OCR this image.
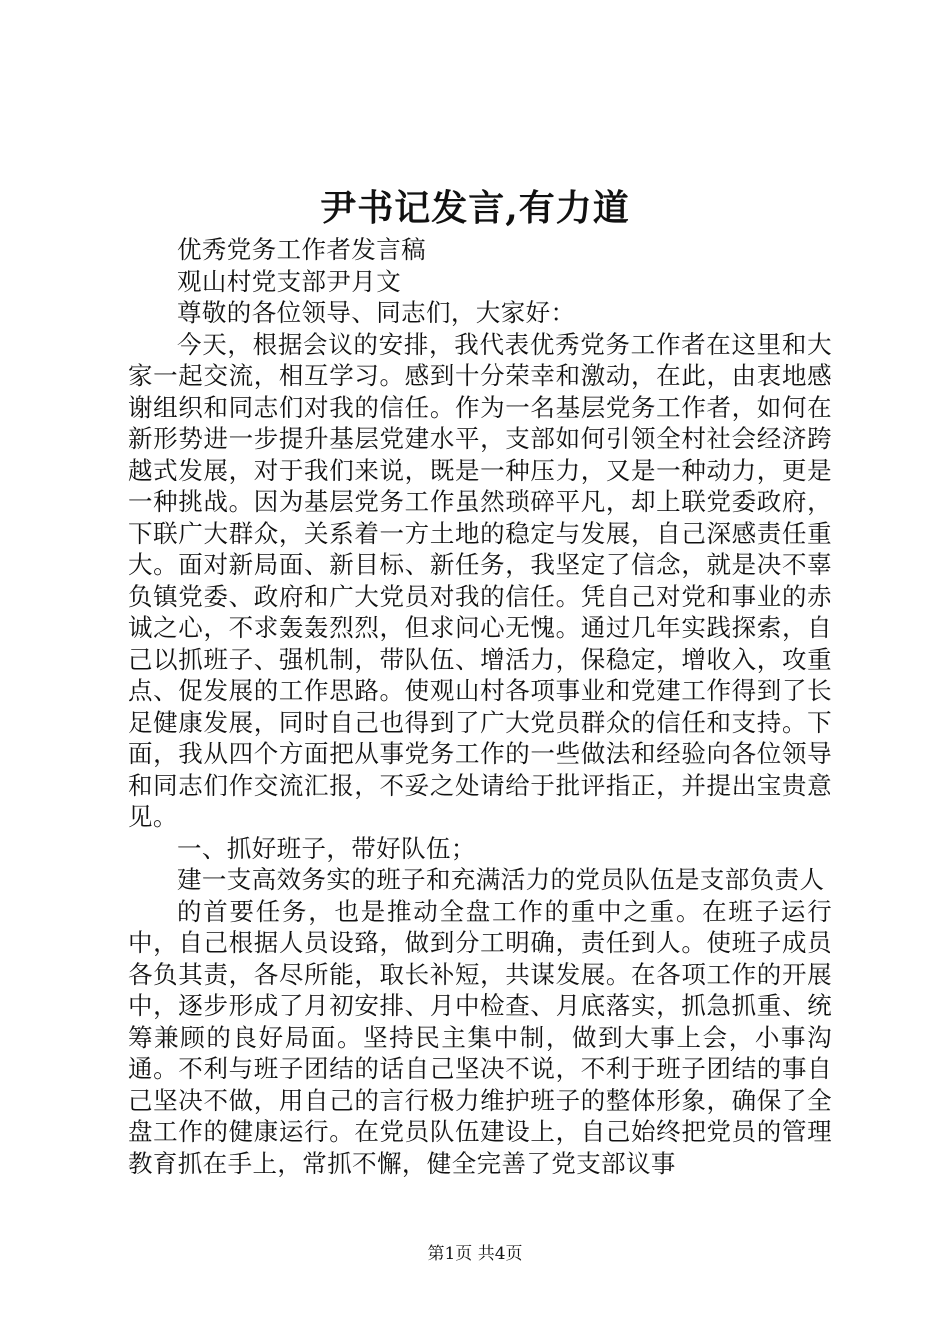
尹书记发言,有力道

优秀党务工作者发言稿

观山村党支部尹月文

尊敬的各位领导、同志们，大家好：

今天，根据会议的安排，我代表优秀党务工作者在这里和大家一起交流，相互学习。感到十分荣幸和激动，在此，由衷地感谢组织和同志们对我的信任。作为一名基层党务工作者，如何在新形势进一步提升基层党建水平，支部如何引领全村社会经济跨越式发展，对于我们来说，既是一种压力，又是一种动力，更是一种挑战。因为基层党务工作虽然琐碎平凡，却上联党委政府，下联广大群众，关系着一方土地的稳定与发展，自己深感责任重大。面对新局面、新目标、新任务，我坚定了信念，就是决不辜负镇党委、政府和广大党员对我的信任。凭自己对党和事业的赤诚之心，不求轰轰烈烈，但求问心无愧。通过几年实践探索，自己以抓班子、强机制，带队伍、增活力，保稳定，增收入，攻重点、促发展的工作思路。使观山村各项事业和党建工作得到了长足健康发展，同时自己也得到了广大党员群众的信任和支持。下面，我从四个方面把从事党务工作的一些做法和经验向各位领导和同志们作交流汇报，不妥之处请给于批评指正，并提出宝贵意见。

一、抓好班子，带好队伍；

建一支高效务实的班子和充满活力的党员队伍是支部负责人

的首要任务，也是推动全盘工作的重中之重。在班子运行中，自己根据人员设臵，做到分工明确，责任到人。使班子成员各负其责，各尽所能，取长补短，共谋发展。在各项工作的开展中，逐步形成了月初安排、月中检查、月底落实，抓急抓重、统筹兼顾的良好局面。坚持民主集中制，做到大事上会，小事沟通。不利与班子团结的话自己坚决不说，不利于班子团结的事自己坚决不做，用自己的言行极力维护班子的整体形象，确保了全盘工作的健康运行。在党员队伍建设上，自己始终把党员的管理教育抓在手上，常抓不懈，健全完善了党支部议事

第1页 共4页
